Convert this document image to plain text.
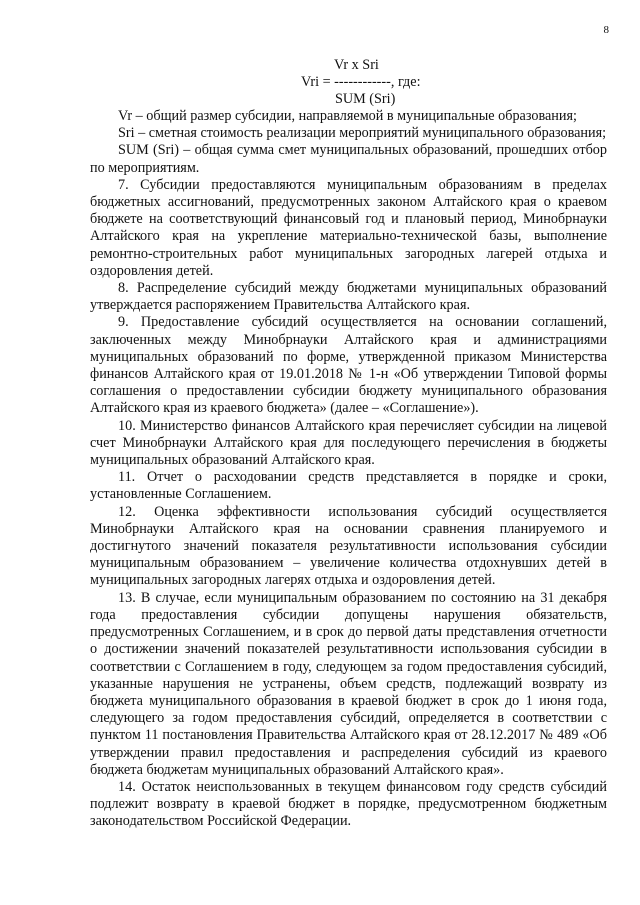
8
Vr x Sri
Vri = ------------, где:
SUM (Sri)

Vr – общий размер субсидии, направляемой в муниципальные образования;

Sri – сметная стоимость реализации мероприятий муниципального образования;

SUM (Sri) – общая сумма смет муниципальных образований, прошедших отбор по мероприятиям.

7. Субсидии предоставляются муниципальным образованиям в пределах бюджетных ассигнований, предусмотренных законом Алтайского края о краевом бюджете на соответствующий финансовый год и плановый период, Минобрнауки Алтайского края на укрепление материально-технической базы, выполнение ремонтно-строительных работ муниципальных загородных лагерей отдыха и оздоровления детей.

8. Распределение субсидий между бюджетами муниципальных образований утверждается распоряжением Правительства Алтайского края.

9. Предоставление субсидий осуществляется на основании соглашений, заключенных между Минобрнауки Алтайского края и администрациями муниципальных образований по форме, утвержденной приказом Министерства финансов Алтайского края от 19.01.2018 № 1-н «Об утверждении Типовой формы соглашения о предоставлении субсидии бюджету муниципального образования Алтайского края из краевого бюджета» (далее – «Соглашение»).

10. Министерство финансов Алтайского края перечисляет субсидии на лицевой счет Минобрнауки Алтайского края для последующего перечисления в бюджеты муниципальных образований Алтайского края.

11. Отчет о расходовании средств представляется в порядке и сроки, установленные Соглашением.

12. Оценка эффективности использования субсидий осуществляется Минобрнауки Алтайского края на основании сравнения планируемого и достигнутого значений показателя результативности использования субсидии муниципальным образованием – увеличение количества отдохнувших детей в муниципальных загородных лагерях отдыха и оздоровления детей.

13. В случае, если муниципальным образованием по состоянию на 31 декабря года предоставления субсидии допущены нарушения обязательств, предусмотренных Соглашением, и в срок до первой даты представления отчетности о достижении значений показателей результативности использования субсидии в соответствии с Соглашением в году, следующем за годом предоставления субсидий, указанные нарушения не устранены, объем средств, подлежащий возврату из бюджета муниципального образования в краевой бюджет в срок до 1 июня года, следующего за годом предоставления субсидий, определяется в соответствии с пунктом 11 постановления Правительства Алтайского края от 28.12.2017 № 489 «Об утверждении правил предоставления и распределения субсидий из краевого бюджета бюджетам муниципальных образований Алтайского края».

14. Остаток неиспользованных в текущем финансовом году средств субсидий подлежит возврату в краевой бюджет в порядке, предусмотренном бюджетным законодательством Российской Федерации.
